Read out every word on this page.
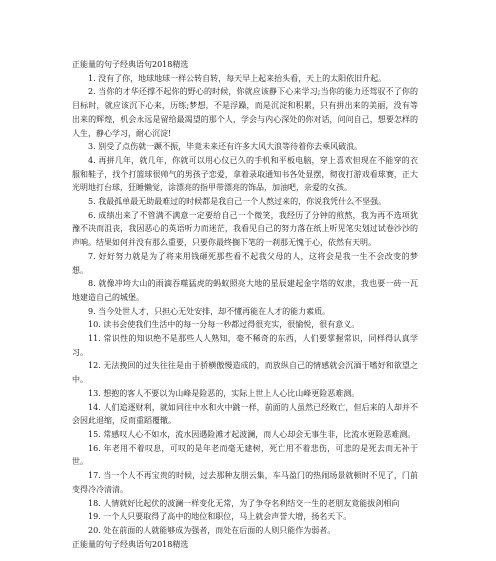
正能量的句子经典语句2018精选

1. 没有了你，地球地球一样公转自转，每天早上起来抬头看，天上的太阳依旧升起。

2. 当你的才华还撑不起你的野心的时候，你就应该静下心来学习;当你的能力还驾驭不了你的目标时，就应该沉下心来，历练;梦想，不是浮躁，而是沉淀和积累，只有拼出来的美丽，没有等出来的辉煌，机会永远是留给最渴望的那个人，学会与内心深处的你对话，问问自己，想要怎样的人生，静心学习，耐心沉淀!

3. 别受了点伤就一蹶不振，毕竟未来还有许多大风大浪等待着你去乘风破浪。

4. 再拼几年，就几年，你就可以用心仪已久的手机和平板电脑，穿上喜欢但现在不能穿的衣服和鞋子，找个打篮球很帅气的男孩子恋爱，拿着录取通知书各处显摆，彻夜打游戏看球赛，正大光明地打台球，狂睡懒觉，涂漂亮的指甲带漂亮的饰品，加油吧，亲爱的女孩。

5. 我最孤单最无助最难过的时候都是我自己一个人熬过来的，你说我凭什么不坚强。

6. 成绩出来了不管满不满意一定要给自己一个微笑，我经历了分钟的煎熬，我为再不选项犹豫不决而沮丧，我因恶心的英语听力而迷茫，我看见自己的努力落在纸上听见笔尖划过试卷沙沙的声响。结果如何并没有那么重要，只要你最终搁下笔的一刹那无愧于心，依然有天明。

7. 好好努力就是为了将来用钱砸死那些看不起我父母的人，这将会是我一生不会改变的梦想。

8. 就像冲垮大山的雨滴吞噬猛虎的蚂蚁照亮大地的星辰建起金字塔的奴隶，我也要一砖一瓦地建造自己的城堡。

9. 当今处世人才，只担心无处安排，却不懂再能在人才的能力素质。

10. 读书会使我们生活中的每一分每一秒都过得很充实，很愉悦，很有意义。

11. 常识性的知识绝不是那些人人熟知，毫不稀奇的东西，人们要掌握常识，同样得认真学习。

12. 无法挽回的过失往往是由于骄横傲慢造成的，而放纵自己的情感就会沉湎于嗜好和欲望之中。

13. 想抱的客人不要以为山峰是险恶的，实际上世上人心比山峰更险恶难测。

14. 人们追逐财利，就如同往中水和火中跳一样，前面的人虽然已经败亡，但后来的人却并不会因此退缩，反而重蹈覆辙。

15. 常感叹人心不如水，流水因遇险滩才起波澜，而人心却会无事生非，比流水更险恶难测。

16. 年老用不着叹息，可叹的是年老而毫无建树，死亡用不着悲伤，可悲的是死去而无补于世。

17. 当一个人不再宝贵的时候，过去那种友朋云集，车马盈门的热闹场景就顿时不见了，门前变得冷冷清清。

18. 人情就好比起伏的波澜一样变化无常，为了争夺名利结交一生的老朋友竟能拔剑相向

19. 一个人只要取得了高中的地位和职位，马上就会声誉大增，扬名天下。

20. 处在前面的人就能够成为强者，而处在后面的人则只能作为弱者。

正能量的句子经典语句2018精选
